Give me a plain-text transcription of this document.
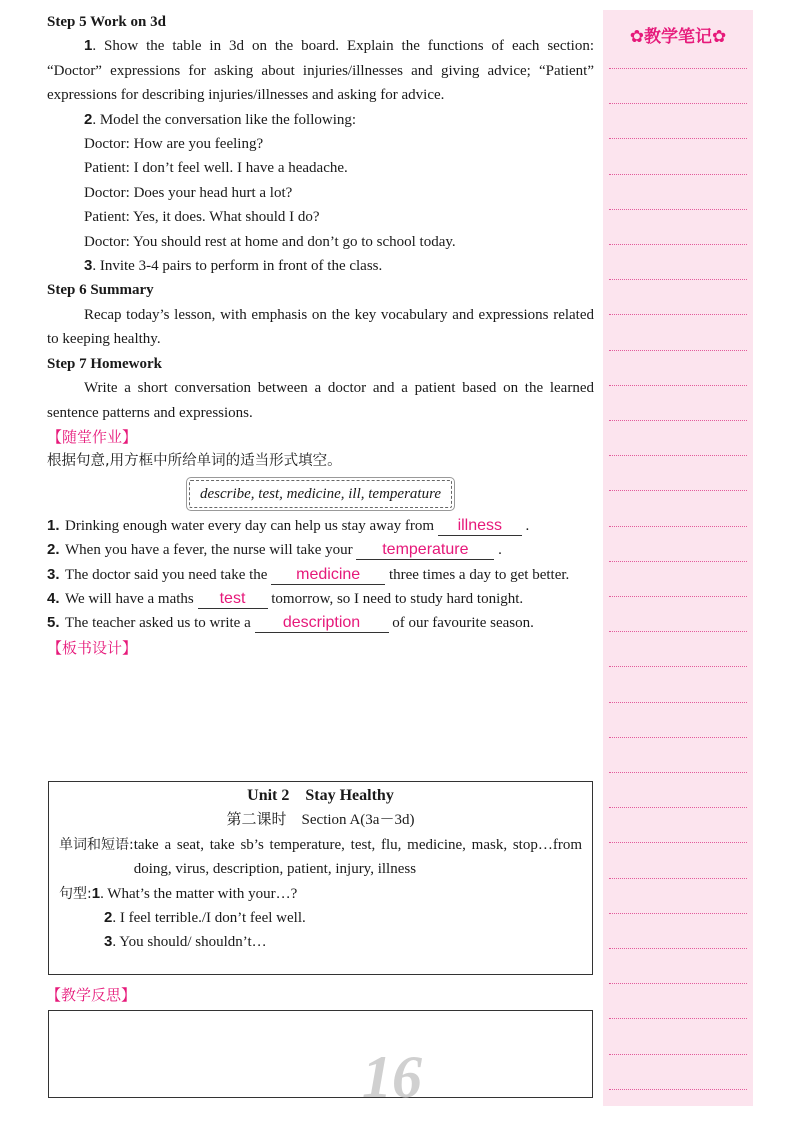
Step 5 Work on 3d

1. Show the table in 3d on the board. Explain the functions of each section: “Doctor” expressions for asking about injuries/illnesses and giving advice; “Patient” expressions for describing injuries/illnesses and asking for advice.

2. Model the conversation like the following:

Doctor: How are you feeling?

Patient: I don’t feel well. I have a headache.

Doctor: Does your head hurt a lot?

Patient: Yes, it does. What should I do?

Doctor: You should rest at home and don’t go to school today.

3. Invite 3-4 pairs to perform in front of the class.

Step 6 Summary

Recap today’s lesson, with emphasis on the key vocabulary and expressions related to keeping healthy.

Step 7 Homework

Write a short conversation between a doctor and a patient based on the learned sentence patterns and expressions.

【随堂作业】

根据句意,用方框中所给单词的适当形式填空。

describe, test, medicine, ill, temperature
1. Drinking enough water every day can help us stay away from illness .
2. When you have a fever, the nurse will take your temperature .
3. The doctor said you need take the medicine three times a day to get better.
4. We will have a maths test tomorrow, so I need to study hard tonight.
5. The teacher asked us to write a description of our favourite season.

【板书设计】

Unit 2    Stay Healthy
第二课时    Section A(3a－3d)
单词和短语: take a seat, take sb’s temperature, test, flu, medicine, mask, stop…from doing, virus, description, patient, injury, illness
句型: 1. What’s the matter with your…?
2. I feel terrible./I don’t feel well.
3. You should/ shouldn’t…

【教学反思】

16
✿教学笔记✿
